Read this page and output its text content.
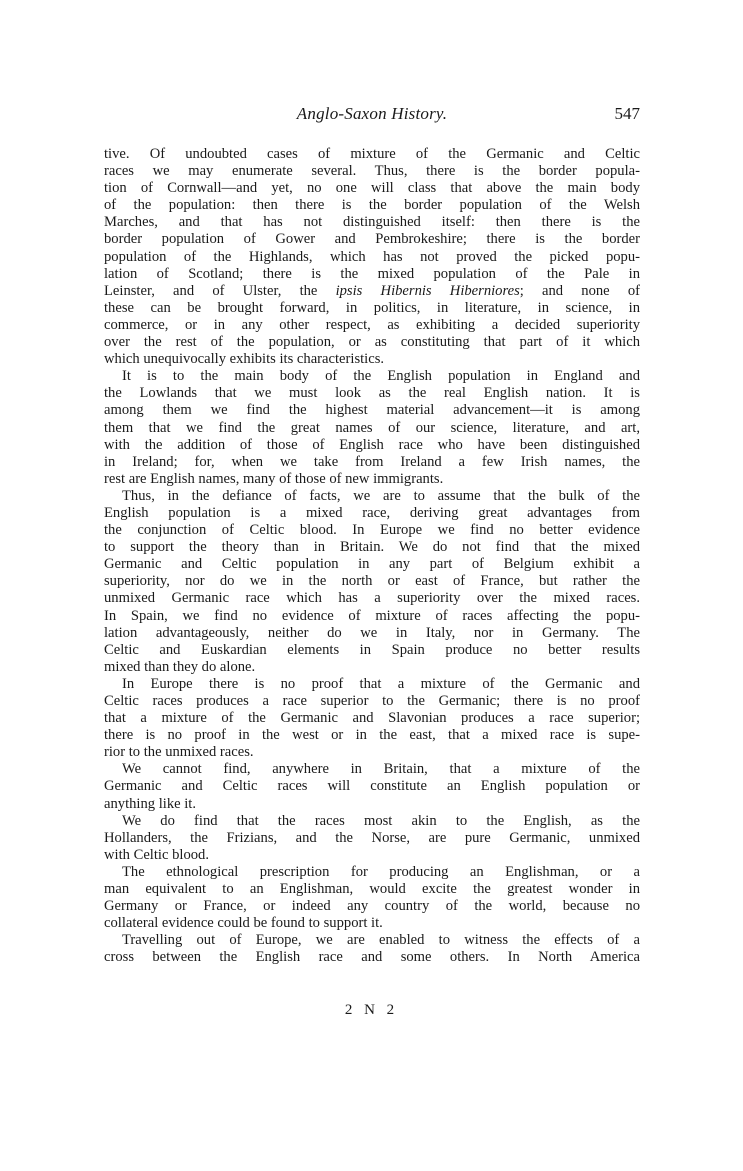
Anglo-Saxon History.	547
tive. Of undoubted cases of mixture of the Germanic and Celtic
races we may enumerate several. Thus, there is the border popula-
tion of Cornwall—and yet, no one will class that above the main body
of the population: then there is the border population of the Welsh
Marches, and that has not distinguished itself: then there is the
border population of Gower and Pembrokeshire; there is the border
population of the Highlands, which has not proved the picked popu-
lation of Scotland; there is the mixed population of the Pale in
Leinster, and of Ulster, the ipsis Hibernis Hiberniores; and none of
these can be brought forward, in politics, in literature, in science, in
commerce, or in any other respect, as exhibiting a decided superiority
over the rest of the population, or as constituting that part of it which
which unequivocally exhibits its characteristics.
It is to the main body of the English population in England and
the Lowlands that we must look as the real English nation. It is
among them we find the highest material advancement—it is among
them that we find the great names of our science, literature, and art,
with the addition of those of English race who have been distinguished
in Ireland; for, when we take from Ireland a few Irish names, the
rest are English names, many of those of new immigrants.
Thus, in the defiance of facts, we are to assume that the bulk of the
English population is a mixed race, deriving great advantages from
the conjunction of Celtic blood. In Europe we find no better evidence
to support the theory than in Britain. We do not find that the mixed
Germanic and Celtic population in any part of Belgium exhibit a
superiority, nor do we in the north or east of France, but rather the
unmixed Germanic race which has a superiority over the mixed races.
In Spain, we find no evidence of mixture of races affecting the popu-
lation advantageously, neither do we in Italy, nor in Germany. The
Celtic and Euskardian elements in Spain produce no better results
mixed than they do alone.
In Europe there is no proof that a mixture of the Germanic and
Celtic races produces a race superior to the Germanic; there is no proof
that a mixture of the Germanic and Slavonian produces a race superior;
there is no proof in the west or in the east, that a mixed race is supe-
rior to the unmixed races.
We cannot find, anywhere in Britain, that a mixture of the
Germanic and Celtic races will constitute an English population or
anything like it.
We do find that the races most akin to the English, as the
Hollanders, the Frizians, and the Norse, are pure Germanic, unmixed
with Celtic blood.
The ethnological prescription for producing an Englishman, or a
man equivalent to an Englishman, would excite the greatest wonder in
Germany or France, or indeed any country of the world, because no
collateral evidence could be found to support it.
Travelling out of Europe, we are enabled to witness the effects of a
cross between the English race and some others. In North America
2 N 2
